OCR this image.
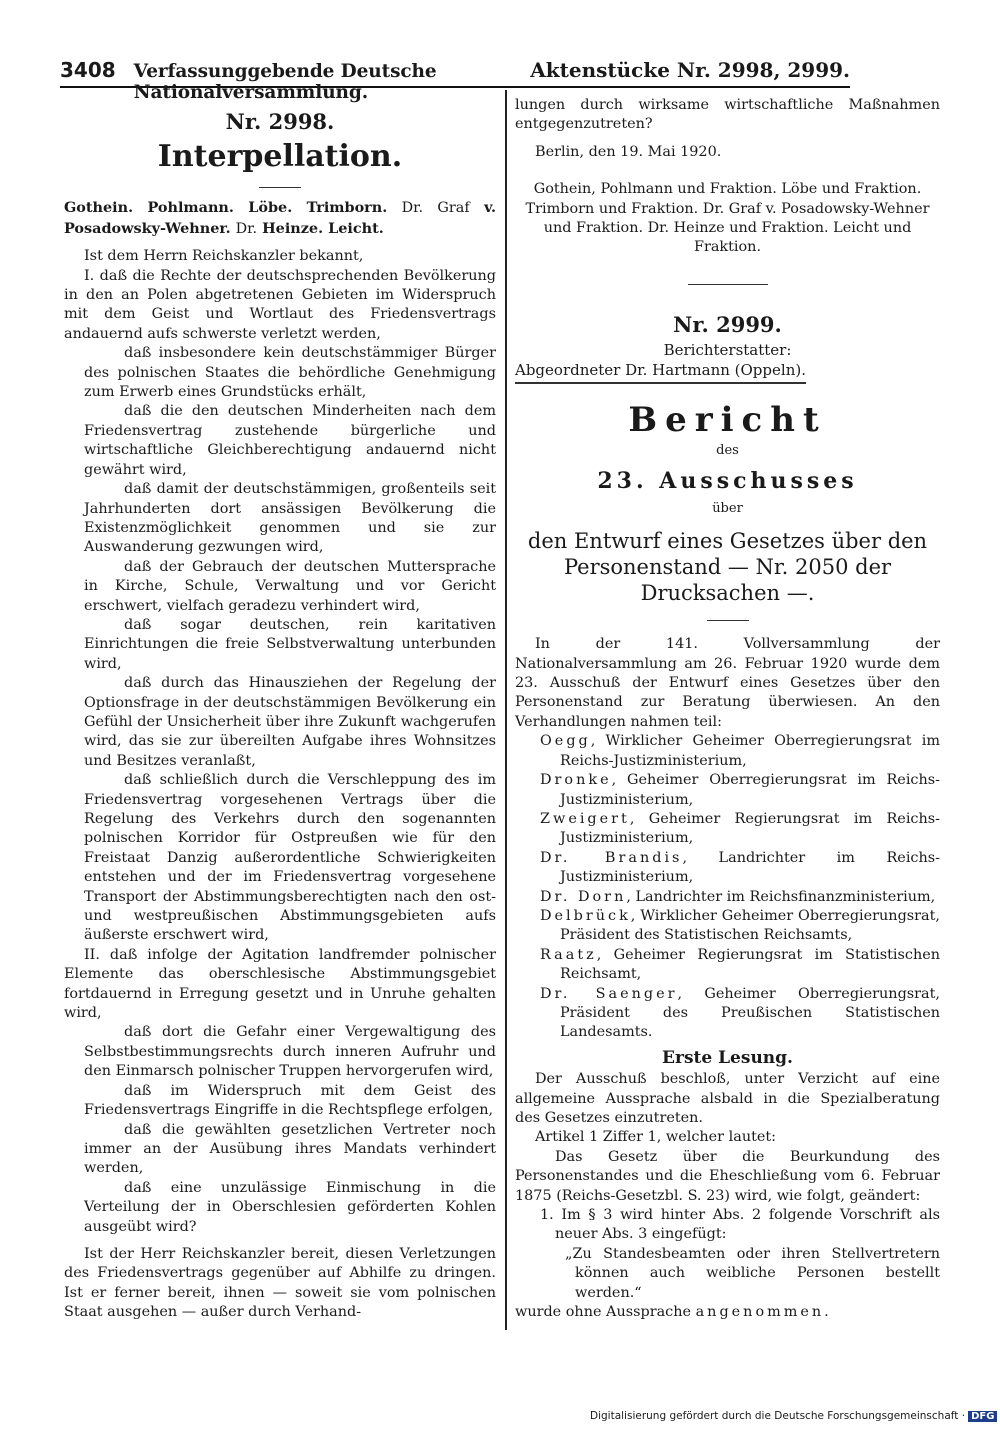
3408 Verfassunggebende Deutsche Nationalversammlung.
Aktenstücke Nr. 2998, 2999.
Nr. 2998.
Interpellation.
Gothein. Pohlmann. Löbe. Trimborn. Dr. Graf v. Posadowsky-Wehner. Dr. Heinze. Leicht.

Ist dem Herrn Reichskanzler bekannt,

I. daß die Rechte der deutschsprechenden Bevölkerung in den an Polen abgetretenen Gebieten im Widerspruch mit dem Geist und Wortlaut des Friedensvertrags andauernd aufs schwerste verletzt werden,

daß insbesondere kein deutschstämmiger Bürger des polnischen Staates die behördliche Genehmigung zum Erwerb eines Grundstücks erhält,

daß die den deutschen Minderheiten nach dem Friedensvertrag zustehende bürgerliche und wirtschaftliche Gleichberechtigung andauernd nicht gewährt wird,

daß damit der deutschstämmigen, großenteils seit Jahrhunderten dort ansässigen Bevölkerung die Existenzmöglichkeit genommen und sie zur Auswanderung gezwungen wird,

daß der Gebrauch der deutschen Muttersprache in Kirche, Schule, Verwaltung und vor Gericht erschwert, vielfach geradezu verhindert wird,

daß sogar deutschen, rein karitativen Einrichtungen die freie Selbstverwaltung unterbunden wird,

daß durch das Hinausziehen der Regelung der Optionsfrage in der deutschstämmigen Bevölkerung ein Gefühl der Unsicherheit über ihre Zukunft wachgerufen wird, das sie zur übereilten Aufgabe ihres Wohnsitzes und Besitzes veranlaßt,

daß schließlich durch die Verschleppung des im Friedensvertrag vorgesehenen Vertrags über die Regelung des Verkehrs durch den sogenannten polnischen Korridor für Ostpreußen wie für den Freistaat Danzig außerordentliche Schwierigkeiten entstehen und der im Friedensvertrag vorgesehene Transport der Abstimmungsberechtigten nach den ost- und westpreußischen Abstimmungsgebieten aufs äußerste erschwert wird,

II. daß infolge der Agitation landfremder polnischer Elemente das oberschlesische Abstimmungsgebiet fortdauernd in Erregung gesetzt und in Unruhe gehalten wird,

daß dort die Gefahr einer Vergewaltigung des Selbstbestimmungsrechts durch inneren Aufruhr und den Einmarsch polnischer Truppen hervorgerufen wird,

daß im Widerspruch mit dem Geist des Friedensvertrags Eingriffe in die Rechtspflege erfolgen,

daß die gewählten gesetzlichen Vertreter noch immer an der Ausübung ihres Mandats verhindert werden,

daß eine unzulässige Einmischung in die Verteilung der in Oberschlesien geförderten Kohlen ausgeübt wird?

Ist der Herr Reichskanzler bereit, diesen Verletzungen des Friedensvertrags gegenüber auf Abhilfe zu dringen. Ist er ferner bereit, ihnen — soweit sie vom polnischen Staat ausgehen — außer durch Verhand-

lungen durch wirksame wirtschaftliche Maßnahmen entgegenzutreten?

Berlin, den 19. Mai 1920.

Gothein, Pohlmann und Fraktion. Löbe und Fraktion. Trimborn und Fraktion. Dr. Graf v. Posadowsky-Wehner und Fraktion. Dr. Heinze und Fraktion. Leicht und Fraktion.

Nr. 2999.
Berichterstatter:
Abgeordneter Dr. Hartmann (Oppeln).
Bericht
des
23. Ausschusses
über
den Entwurf eines Gesetzes über den Personenstand — Nr. 2050 der Drucksachen —.

In der 141. Vollversammlung der Nationalversammlung am 26. Februar 1920 wurde dem 23. Ausschuß der Entwurf eines Gesetzes über den Personenstand zur Beratung überwiesen. An den Verhandlungen nahmen teil:

Oegg, Wirklicher Geheimer Oberregierungsrat im Reichs-Justizministerium,

Dronke, Geheimer Oberregierungsrat im Reichs-Justizministerium,

Zweigert, Geheimer Regierungsrat im Reichs-Justizministerium,

Dr. Brandis, Landrichter im Reichs-Justizministerium,

Dr. Dorn, Landrichter im Reichsfinanzministerium,

Delbrück, Wirklicher Geheimer Oberregierungsrat, Präsident des Statistischen Reichsamts,

Raatz, Geheimer Regierungsrat im Statistischen Reichsamt,

Dr. Saenger, Geheimer Oberregierungsrat, Präsident des Preußischen Statistischen Landesamts.

Erste Lesung.

Der Ausschuß beschloß, unter Verzicht auf eine allgemeine Aussprache alsbald in die Spezialberatung des Gesetzes einzutreten.

Artikel 1 Ziffer 1, welcher lautet:

Das Gesetz über die Beurkundung des Personenstandes und die Eheschließung vom 6. Februar 1875 (Reichs-Gesetzbl. S. 23) wird, wie folgt, geändert:

1. Im § 3 wird hinter Abs. 2 folgende Vorschrift als neuer Abs. 3 eingefügt:

„Zu Standesbeamten oder ihren Stellvertretern können auch weibliche Personen bestellt werden.“

wurde ohne Aussprache angenommen.

Digitalisierung gefördert durch die Deutsche Forschungsgemeinschaft · DFG
